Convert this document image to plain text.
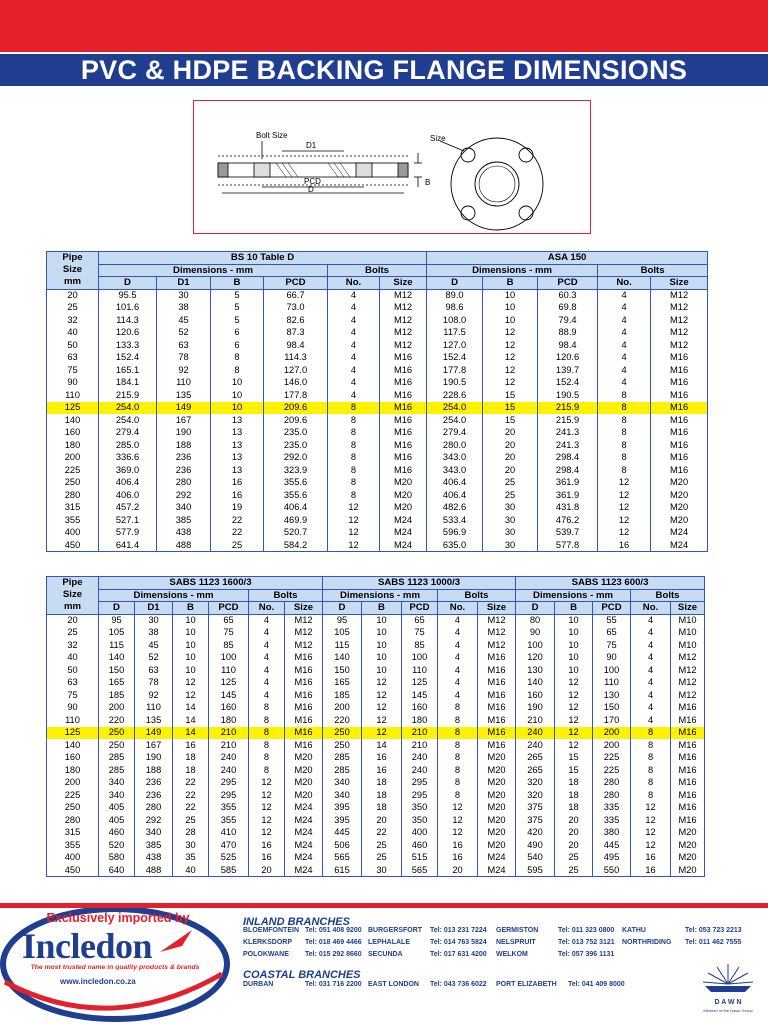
PVC & HDPE BACKING FLANGE DIMENSIONS
Bolt Size
D1
PCD
D
B
Size
Pipe
Size
mm	BS 10 Table D						ASA 150				
	Dimensions - mm				Bolts		Dimensions - mm			Bolts	
	D	D1	B	PCD	No.	Size	D	B	PCD	No.	Size
20	95.5	30	5	66.7	4	M12	89.0	10	60.3	4	M12
25	101.6	38	5	73.0	4	M12	98.6	10	69.8	4	M12
32	114.3	45	5	82.6	4	M12	108.0	10	79.4	4	M12
40	120.6	52	6	87.3	4	M12	117.5	12	88.9	4	M12
50	133.3	63	6	98.4	4	M12	127.0	12	98.4	4	M12
63	152.4	78	8	114.3	4	M16	152.4	12	120.6	4	M16
75	165.1	92	8	127.0	4	M16	177.8	12	139.7	4	M16
90	184.1	110	10	146.0	4	M16	190.5	12	152.4	4	M16
110	215.9	135	10	177.8	4	M16	228.6	15	190.5	8	M16
125	254.0	149	10	209.6	8	M16	254.0	15	215.9	8	M16
140	254.0	167	13	209.6	8	M16	254.0	15	215.9	8	M16
160	279.4	190	13	235.0	8	M16	279.4	20	241.3	8	M16
180	285.0	188	13	235.0	8	M16	280.0	20	241.3	8	M16
200	336.6	236	13	292.0	8	M16	343.0	20	298.4	8	M16
225	369.0	236	13	323.9	8	M16	343.0	20	298.4	8	M16
250	406.4	280	16	355.6	8	M20	406.4	25	361.9	12	M20
280	406.0	292	16	355.6	8	M20	406.4	25	361.9	12	M20
315	457.2	340	19	406.4	12	M20	482.6	30	431.8	12	M20
355	527.1	385	22	469.9	12	M24	533.4	30	476.2	12	M20
400	577.9	438	22	520.7	12	M24	596.9	30	539.7	12	M24
450	641.4	488	25	584.2	12	M24	635.0	30	577.8	16	M24
Pipe
Size
mm	SABS 1123 1600/3						SABS 1123 1000/3					SABS 1123 600/3				
	Dimensions - mm				Bolts		Dimensions - mm			Bolts		Dimensions - mm			Bolts	
	D	D1	B	PCD	No.	Size	D	B	PCD	No.	Size	D	B	PCD	No.	Size
20	95	30	10	65	4	M12	95	10	65	4	M12	80	10	55	4	M10
25	105	38	10	75	4	M12	105	10	75	4	M12	90	10	65	4	M10
32	115	45	10	85	4	M12	115	10	85	4	M12	100	10	75	4	M10
40	140	52	10	100	4	M16	140	10	100	4	M16	120	10	90	4	M12
50	150	63	10	110	4	M16	150	10	110	4	M16	130	10	100	4	M12
63	165	78	12	125	4	M16	165	12	125	4	M16	140	12	110	4	M12
75	185	92	12	145	4	M16	185	12	145	4	M16	160	12	130	4	M12
90	200	110	14	160	8	M16	200	12	160	8	M16	190	12	150	4	M16
110	220	135	14	180	8	M16	220	12	180	8	M16	210	12	170	4	M16
125	250	149	14	210	8	M16	250	12	210	8	M16	240	12	200	8	M16
140	250	167	16	210	8	M16	250	14	210	8	M16	240	12	200	8	M16
160	285	190	18	240	8	M20	285	16	240	8	M20	265	15	225	8	M16
180	285	188	18	240	8	M20	285	16	240	8	M20	265	15	225	8	M16
200	340	236	22	295	12	M20	340	18	295	8	M20	320	18	280	8	M16
225	340	236	22	295	12	M20	340	18	295	8	M20	320	18	280	8	M16
250	405	280	22	355	12	M24	395	18	350	12	M20	375	18	335	12	M16
280	405	292	25	355	12	M24	395	20	350	12	M20	375	20	335	12	M16
315	460	340	28	410	12	M24	445	22	400	12	M20	420	20	380	12	M20
355	520	385	30	470	16	M24	506	25	460	16	M20	490	20	445	12	M20
400	580	438	35	525	16	M24	565	25	515	16	M24	540	25	495	16	M20
450	640	488	40	585	20	M24	615	30	565	20	M24	595	25	550	16	M20
Exclusively imported by
Incledon
The most trusted name in quality products & brands
www.incledon.co.za
INLAND BRANCHES
BLOEMFONTEIN Tel: 051 408 9200 BURGERSFORT Tel: 013 231 7224 GERMISTON	Tel: 011 323 0800 KATHU	Tel: 053 723 2213
KLERKSDORP Tel: 018 469 4466 LEPHALALE	Tel: 014 763 5824 NELSPRUIT	Tel: 013 752 3121 NORTHRIDING Tel: 011 462 7555
POLOKWANE Tel: 015 292 8660 SECUNDA	Tel: 017 631 4200 WELKOM	Tel: 057 396 1131
COASTAL BRANCHES
DURBAN	Tel: 031 716 2200 EAST LONDON Tel: 043 736 6022 PORT ELIZABETH Tel: 041 409 8000
D A W N
Member of the Dawn Group
